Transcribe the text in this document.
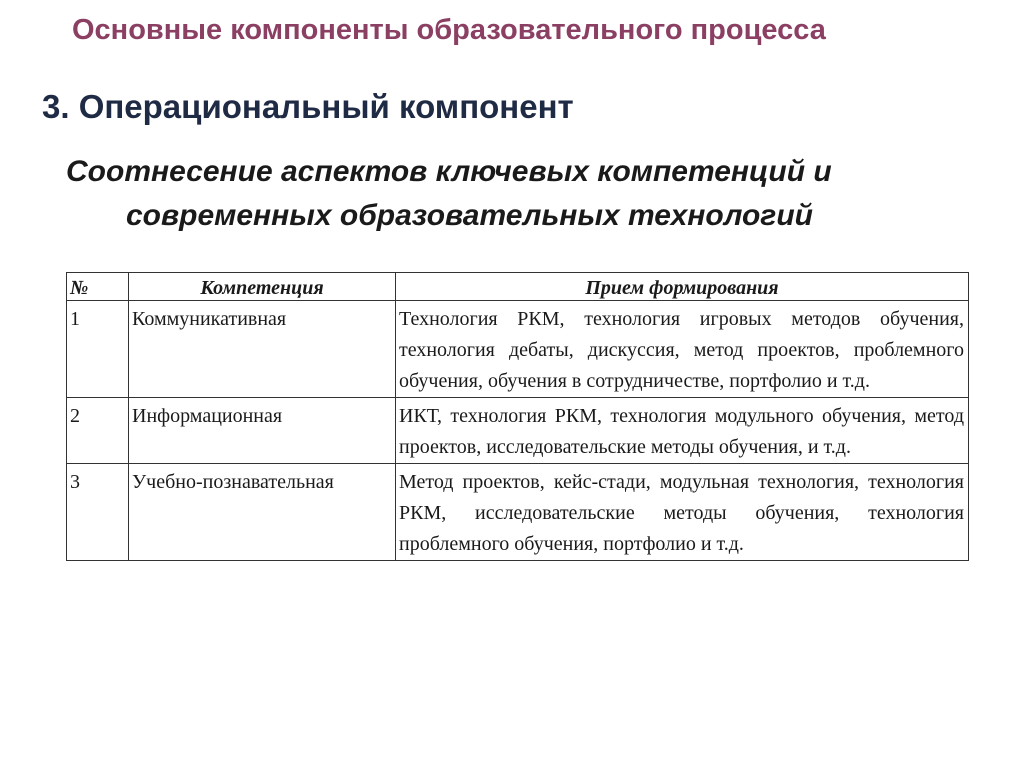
Основные компоненты образовательного процесса
3. Операциональный компонент

Соотнесение аспектов ключевых компетенций и
современных образовательных технологий

№	Компетенция	Прием формирования
1	Коммуникативная	Технология РКМ, технология игровых методов обучения, технология дебаты, дискуссия, метод проектов, проблемного обучения, обучения в сотрудничестве, портфолио и т.д.
2	Информационная	ИКТ, технология РКМ, технология модульного обучения, метод проектов, исследовательские методы обучения, и т.д.
3	Учебно-познавательная	Метод проектов, кейс-стади, модульная технология, технология РКМ, исследовательские методы обучения, технология проблемного обучения, портфолио и т.д.
